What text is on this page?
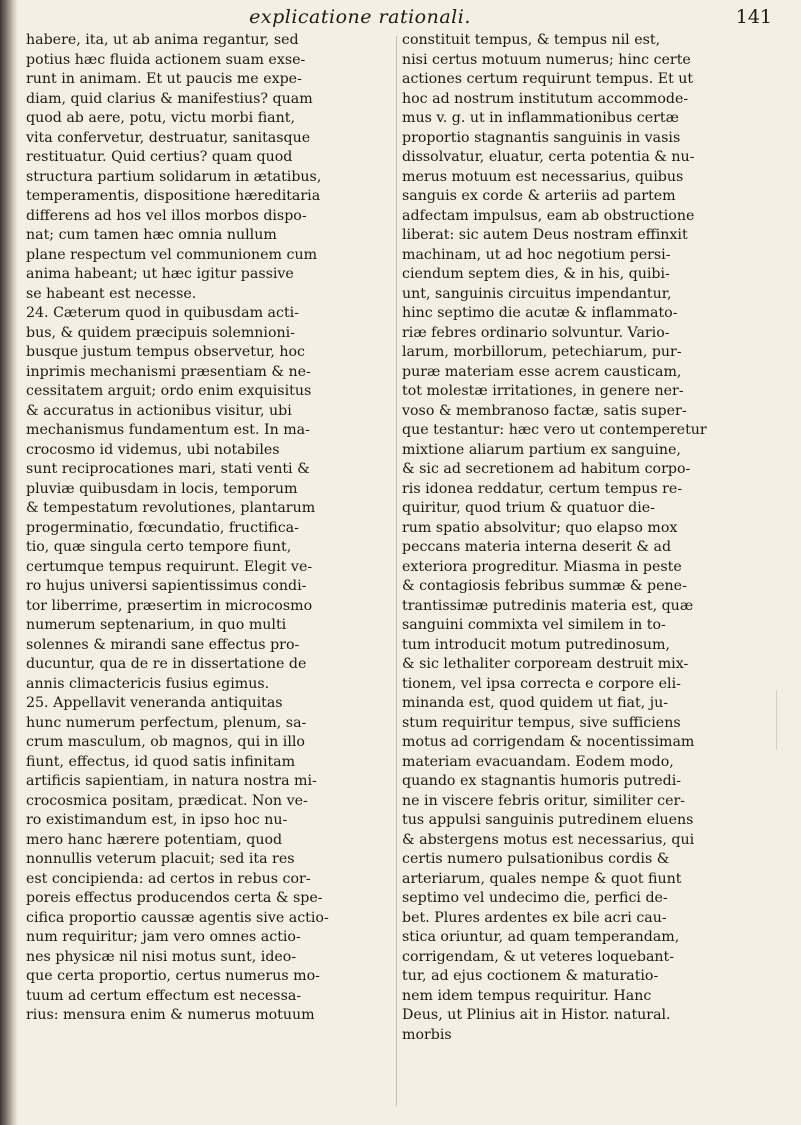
explicatione rationali.	141
habere, ita, ut ab anima regantur, sed
potius hæc fluida actionem suam exse-
runt in animam. Et ut paucis me expe-
diam, quid clarius & manifestius? quam
quod ab aere, potu, victu morbi fiant,
vita confervetur, destruatur, sanitasque
restituatur. Quid certius? quam quod
structura partium solidarum in ætatibus,
temperamentis, dispositione hæreditaria
differens ad hos vel illos morbos dispo-
nat; cum tamen hæc omnia nullum
plane respectum vel communionem cum
anima habeant; ut hæc igitur passive
se habeant est necesse.
24. Cæterum quod in quibusdam acti-
bus, & quidem præcipuis solemnioni-
busque justum tempus observetur, hoc
inprimis mechanismi præsentiam & ne-
cessitatem arguit; ordo enim exquisitus
& accuratus in actionibus visitur, ubi
mechanismus fundamentum est. In ma-
crocosmo id videmus, ubi notabiles
sunt reciprocationes mari, stati venti &
pluviæ quibusdam in locis, temporum
& tempestatum revolutiones, plantarum
progerminatio, fœcundatio, fructifica-
tio, quæ singula certo tempore fiunt,
certumque tempus requirunt. Elegit ve-
ro hujus universi sapientissimus condi-
tor liberrime, præsertim in microcosmo
numerum septenarium, in quo multi
solennes & mirandi sane effectus pro-
ducuntur, qua de re in dissertatione de
annis climactericis fusius egimus.
25. Appellavit veneranda antiquitas
hunc numerum perfectum, plenum, sa-
crum masculum, ob magnos, qui in illo
fiunt, effectus, id quod satis infinitam
artificis sapientiam, in natura nostra mi-
crocosmica positam, prædicat. Non ve-
ro existimandum est, in ipso hoc nu-
mero hanc hærere potentiam, quod
nonnullis veterum placuit; sed ita res
est concipienda: ad certos in rebus cor-
poreis effectus producendos certa & spe-
cifica proportio caussæ agentis sive actio-
num requiritur; jam vero omnes actio-
nes physicæ nil nisi motus sunt, ideo-
que certa proportio, certus numerus mo-
tuum ad certum effectum est necessa-
rius: mensura enim & numerus motuum
constituit tempus, & tempus nil est,
nisi certus motuum numerus; hinc certe
actiones certum requirunt tempus. Et ut
hoc ad nostrum institutum accommode-
mus v. g. ut in inflammationibus certæ
proportio stagnantis sanguinis in vasis
dissolvatur, eluatur, certa potentia & nu-
merus motuum est necessarius, quibus
sanguis ex corde & arteriis ad partem
adfectam impulsus, eam ab obstructione
liberat: sic autem Deus nostram effinxit
machinam, ut ad hoc negotium persi-
ciendum septem dies, & in his, quibi-
unt, sanguinis circuitus impendantur,
hinc septimo die acutæ & inflammato-
riæ febres ordinario solvuntur. Vario-
larum, morbillorum, petechiarum, pur-
puræ materiam esse acrem causticam,
tot molestæ irritationes, in genere ner-
voso & membranoso factæ, satis super-
que testantur: hæc vero ut contemperetur
mixtione aliarum partium ex sanguine,
& sic ad secretionem ad habitum corpo-
ris idonea reddatur, certum tempus re-
quiritur, quod trium & quatuor die-
rum spatio absolvitur; quo elapso mox
peccans materia interna deserit & ad
exteriora progreditur. Miasma in peste
& contagiosis febribus summæ & pene-
trantissimæ putredinis materia est, quæ
sanguini commixta vel similem in to-
tum introducit motum putredinosum,
& sic lethaliter corpoream destruit mix-
tionem, vel ipsa correcta e corpore eli-
minanda est, quod quidem ut fiat, ju-
stum requiritur tempus, sive sufficiens
motus ad corrigendam & nocentissimam
materiam evacuandam. Eodem modo,
quando ex stagnantis humoris putredi-
ne in viscere febris oritur, similiter cer-
tus appulsi sanguinis putredinem eluens
& abstergens motus est necessarius, qui
certis numero pulsationibus cordis &
arteriarum, quales nempe & quot fiunt
septimo vel undecimo die, perfici de-
bet. Plures ardentes ex bile acri cau-
stica oriuntur, ad quam temperandam,
corrigendam, & ut veteres loquebant-
tur, ad ejus coctionem & maturatio-
nem idem tempus requiritur. Hanc
Deus, ut Plinius ait in Histor. natural.
morbis
